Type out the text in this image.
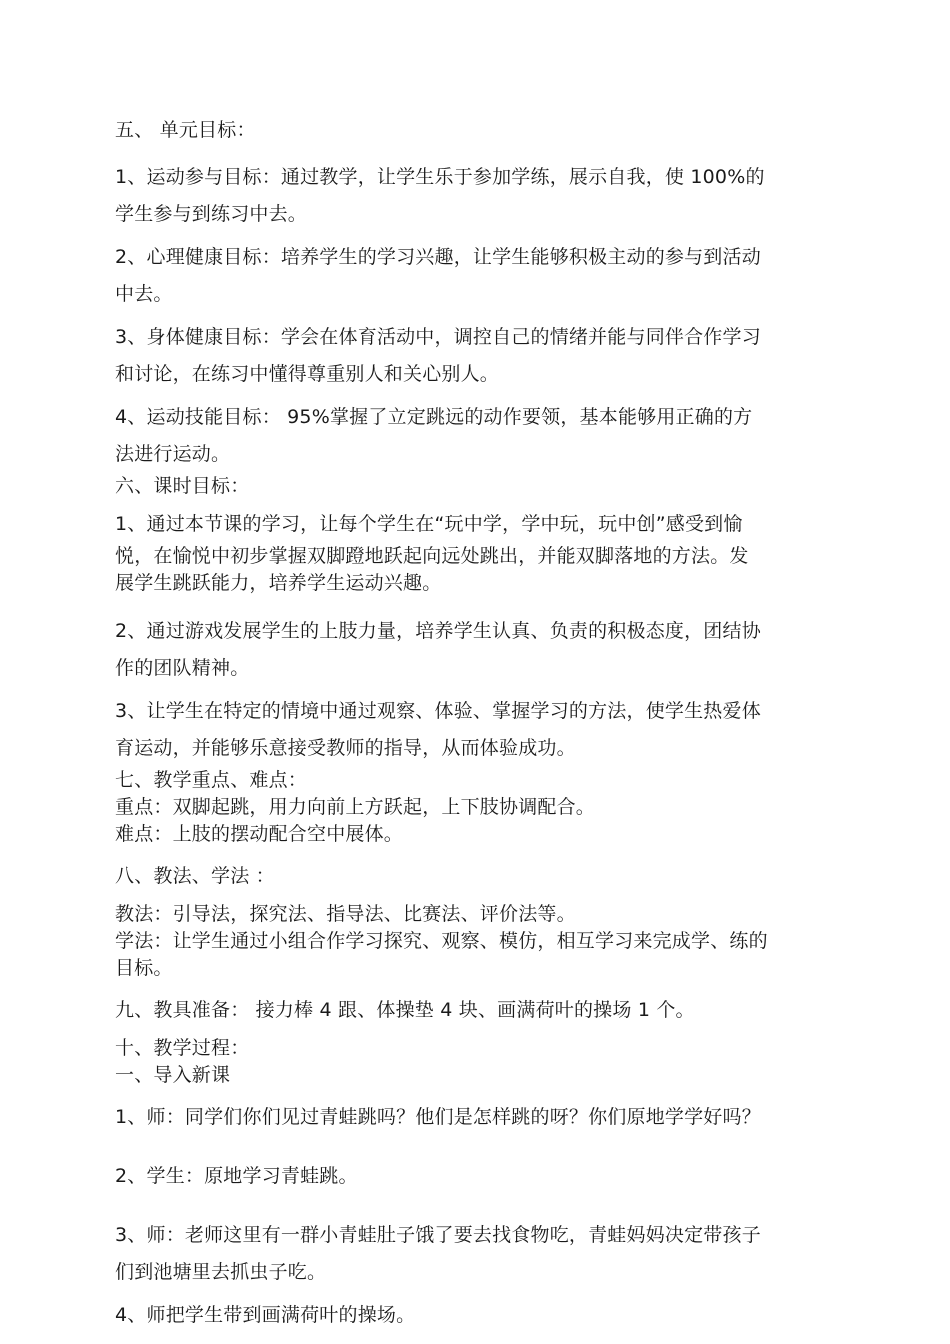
五、 单元目标：
1、运动参与目标：通过教学，让学生乐于参加学练，展示自我，使 100%的
学生参与到练习中去。
2、心理健康目标：培养学生的学习兴趣，让学生能够积极主动的参与到活动
中去。
3、身体健康目标：学会在体育活动中，调控自己的情绪并能与同伴合作学习
和讨论，在练习中懂得尊重别人和关心别人。
4、运动技能目标： 95%掌握了立定跳远的动作要领，基本能够用正确的方
法进行运动。
六、课时目标：
1、通过本节课的学习，让每个学生在“玩中学，学中玩，玩中创”感受到愉
悦，在愉悦中初步掌握双脚蹬地跃起向远处跳出，并能双脚落地的方法。发
展学生跳跃能力，培养学生运动兴趣。
2、通过游戏发展学生的上肢力量，培养学生认真、负责的积极态度，团结协
作的团队精神。
3、让学生在特定的情境中通过观察、体验、掌握学习的方法，使学生热爱体
育运动，并能够乐意接受教师的指导，从而体验成功。
七、教学重点、难点：
重点：双脚起跳，用力向前上方跃起，上下肢协调配合。
难点：上肢的摆动配合空中展体。
八、教法、学法 ：
教法：引导法，探究法、指导法、比赛法、评价法等。
学法：让学生通过小组合作学习探究、观察、模仿，相互学习来完成学、练的
目标。
九、教具准备： 接力棒 4 跟、体操垫 4 块、画满荷叶的操场 1 个。
十、教学过程：
一、导入新课
1、师：同学们你们见过青蛙跳吗？他们是怎样跳的呀？你们原地学学好吗？
2、学生：原地学习青蛙跳。
3、师：老师这里有一群小青蛙肚子饿了要去找食物吃，青蛙妈妈决定带孩子
们到池塘里去抓虫子吃。
4、师把学生带到画满荷叶的操场。
